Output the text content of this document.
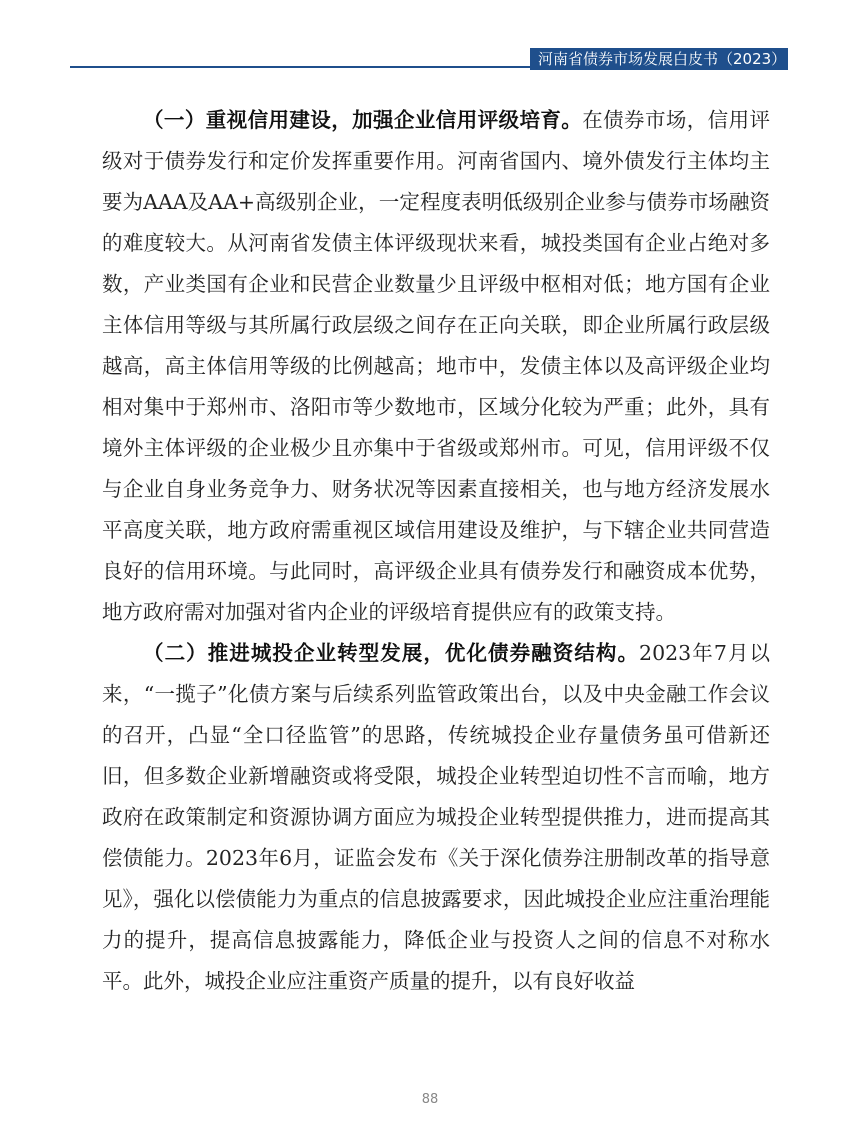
河南省债券市场发展白皮书（2023）

（一）重视信用建设，加强企业信用评级培育。在债券市场，信用评级对于债券发行和定价发挥重要作用。河南省国内、境外债发行主体均主要为AAA及AA+高级别企业，一定程度表明低级别企业参与债券市场融资的难度较大。从河南省发债主体评级现状来看，城投类国有企业占绝对多数，产业类国有企业和民营企业数量少且评级中枢相对低；地方国有企业主体信用等级与其所属行政层级之间存在正向关联，即企业所属行政层级越高，高主体信用等级的比例越高；地市中，发债主体以及高评级企业均相对集中于郑州市、洛阳市等少数地市，区域分化较为严重；此外，具有境外主体评级的企业极少且亦集中于省级或郑州市。可见，信用评级不仅与企业自身业务竞争力、财务状况等因素直接相关，也与地方经济发展水平高度关联，地方政府需重视区域信用建设及维护，与下辖企业共同营造良好的信用环境。与此同时，高评级企业具有债券发行和融资成本优势，地方政府需对加强对省内企业的评级培育提供应有的政策支持。

（二）推进城投企业转型发展，优化债券融资结构。2023年7月以来，“一揽子”化债方案与后续系列监管政策出台，以及中央金融工作会议的召开，凸显“全口径监管”的思路，传统城投企业存量债务虽可借新还旧，但多数企业新增融资或将受限，城投企业转型迫切性不言而喻，地方政府在政策制定和资源协调方面应为城投企业转型提供推力，进而提高其偿债能力。2023年6月，证监会发布《关于深化债券注册制改革的指导意见》，强化以偿债能力为重点的信息披露要求，因此城投企业应注重治理能力的提升，提高信息披露能力，降低企业与投资人之间的信息不对称水平。此外，城投企业应注重资产质量的提升，以有良好收益

88
